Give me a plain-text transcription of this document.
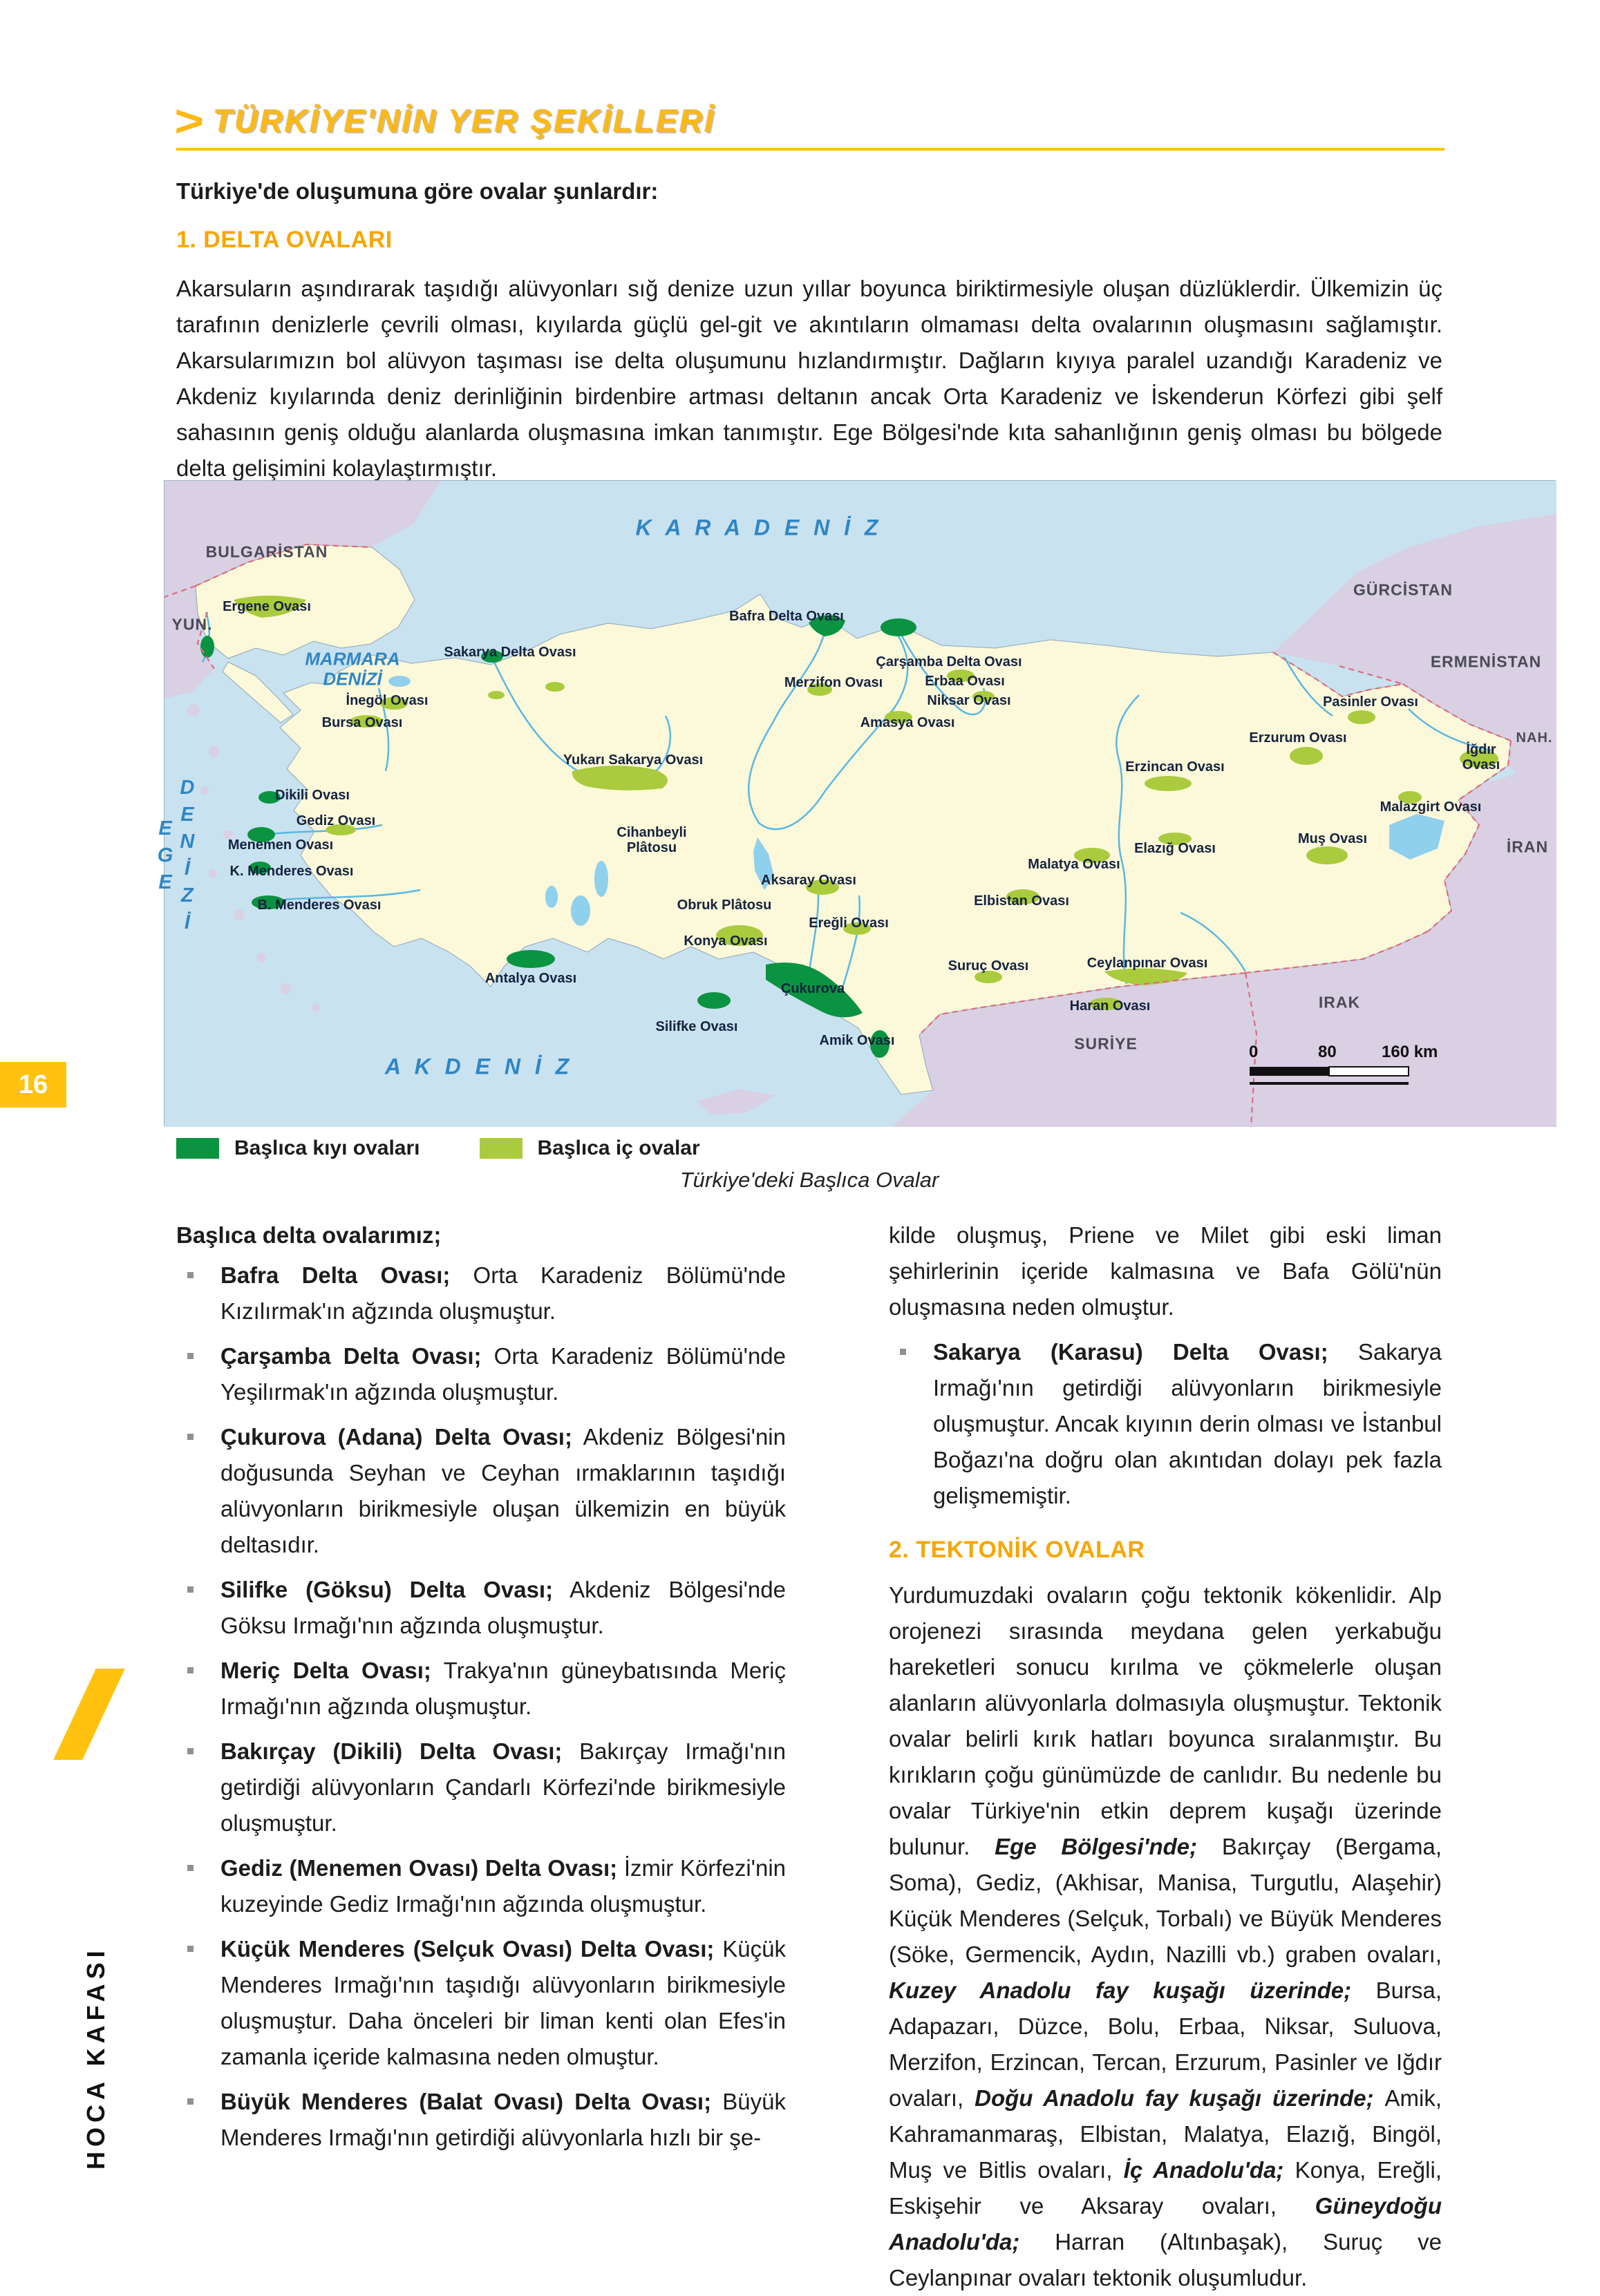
16
HOCA KAFASI
> TÜRKİYE'NİN YER ŞEKİLLERİ
Türkiye'de oluşumuna göre ovalar şunlardır:
1. DELTA OVALARI
Akarsuların aşındırarak taşıdığı alüvyonları sığ denize uzun yıllar boyunca biriktirmesiyle oluşan düzlüklerdir. Ülkemizin üç tarafının denizlerle çevrili olması, kıyılarda güçlü gel-git ve akıntıların olmaması delta ovalarının oluşmasını sağlamıştır. Akarsularımızın bol alüvyon taşıması ise delta oluşumunu hızlandırmıştır. Dağların kıyıya paralel uzandığı Karadeniz ve Akdeniz kıyılarında deniz derinliğinin birdenbire artması deltanın ancak Orta Karadeniz ve İskenderun Körfezi gibi şelf sahasının geniş olduğu alanlarda oluşmasına imkan tanımıştır. Ege Bölgesi'nde kıta sahanlığının geniş olması bu bölgede delta gelişimini kolaylaştırmıştır.
0	80	160 km
BULGARİSTAN
K A R A D E N İ Z
GÜRCİSTAN
YUN.
Ergene Ovası
MARMARA DENİZİ
Sakarya Delta Ovası
Bafra Delta Ovası
Çarşamba Delta Ovası	ERMENİSTAN
Merzifon Ovası	Erbaa Ovası
Niksar Ovası
İnegöl Ovası
Bursa Ovası	Amasya Ovası
Pasinler Ovası
Erzurum Ovası
İğdır Ovası
NAH.
Yukarı Sakarya Ovası	Erzincan Ovası
Dikili Ovası
Malazgirt Ovası
Gediz Ovası
Menemen Ovası
Cihanbeyli Plâtosu	Elazığ Ovası
Muş Ovası	İRAN
K. Menderes Ovası	Malatya Ovası
Aksaray Ovası
B. Menderes Ovası	Obruk Plâtosu	Elbistan Ovası
Ereğli Ovası
Konya Ovası
Antalya Ovası
Suruç Ovası	Ceylanpınar Ovası
Çukurova
Haran Ovası	IRAK
Silifke Ovası
SURİYE
Amik Ovası
A K D E N İ Z
EGE DENİZİ
Başlıca kıyı ovaları	Başlıca iç ovalar
Türkiye'deki Başlıca Ovalar
Başlıca delta ovalarımız;
Bafra Delta Ovası; Orta Karadeniz Bölümü'nde Kızılırmak'ın ağzında oluşmuştur.
Çarşamba Delta Ovası; Orta Karadeniz Bölümü'nde Yeşilırmak'ın ağzında oluşmuştur.
Çukurova (Adana) Delta Ovası; Akdeniz Bölgesi'nin doğusunda Seyhan ve Ceyhan ırmaklarının taşıdığı alüvyonların birikmesiyle oluşan ülkemizin en büyük deltasıdır.
Silifke (Göksu) Delta Ovası; Akdeniz Bölgesi'nde Göksu Irmağı'nın ağzında oluşmuştur.
Meriç Delta Ovası; Trakya'nın güneybatısında Meriç Irmağı'nın ağzında oluşmuştur.
Bakırçay (Dikili) Delta Ovası; Bakırçay Irmağı'nın getirdiği alüvyonların Çandarlı Körfezi'nde birikmesiyle oluşmuştur.
Gediz (Menemen Ovası) Delta Ovası; İzmir Körfezi'nin kuzeyinde Gediz Irmağı'nın ağzında oluşmuştur.
Küçük Menderes (Selçuk Ovası) Delta Ovası; Küçük Menderes Irmağı'nın taşıdığı alüvyonların birikmesiyle oluşmuştur. Daha önceleri bir liman kenti olan Efes'in zamanla içeride kalmasına neden olmuştur.
Büyük Menderes (Balat Ovası) Delta Ovası; Büyük Menderes Irmağı'nın getirdiği alüvyonlarla hızlı bir şe-
kilde oluşmuş, Priene ve Milet gibi eski liman şehirlerinin içeride kalmasına ve Bafa Gölü'nün oluşmasına neden olmuştur.
Sakarya (Karasu) Delta Ovası; Sakarya Irmağı'nın getirdiği alüvyonların birikmesiyle oluşmuştur. Ancak kıyının derin olması ve İstanbul Boğazı'na doğru olan akıntıdan dolayı pek fazla gelişmemiştir.
2. TEKTONİK OVALAR
Yurdumuzdaki ovaların çoğu tektonik kökenlidir. Alp orojenezi sırasında meydana gelen yerkabuğu hareketleri sonucu kırılma ve çökmelerle oluşan alanların alüvyonlarla dolmasıyla oluşmuştur. Tektonik ovalar belirli kırık hatları boyunca sıralanmıştır. Bu kırıkların çoğu günümüzde de canlıdır. Bu nedenle bu ovalar Türkiye'nin etkin deprem kuşağı üzerinde bulunur. Ege Bölgesi'nde; Bakırçay (Bergama, Soma), Gediz, (Akhisar, Manisa, Turgutlu, Alaşehir) Küçük Menderes (Selçuk, Torbalı) ve Büyük Menderes (Söke, Germencik, Aydın, Nazilli vb.) graben ovaları, Kuzey Anadolu fay kuşağı üzerinde; Bursa, Adapazarı, Düzce, Bolu, Erbaa, Niksar, Suluova, Merzifon, Erzincan, Tercan, Erzurum, Pasinler ve Iğdır ovaları, Doğu Anadolu fay kuşağı üzerinde; Amik, Kahramanmaraş, Elbistan, Malatya, Elazığ, Bingöl, Muş ve Bitlis ovaları, İç Anadolu'da; Konya, Ereğli, Eskişehir ve Aksaray ovaları, Güneydoğu Anadolu'da; Harran (Altınbaşak), Suruç ve Ceylanpınar ovaları tektonik oluşumludur.
